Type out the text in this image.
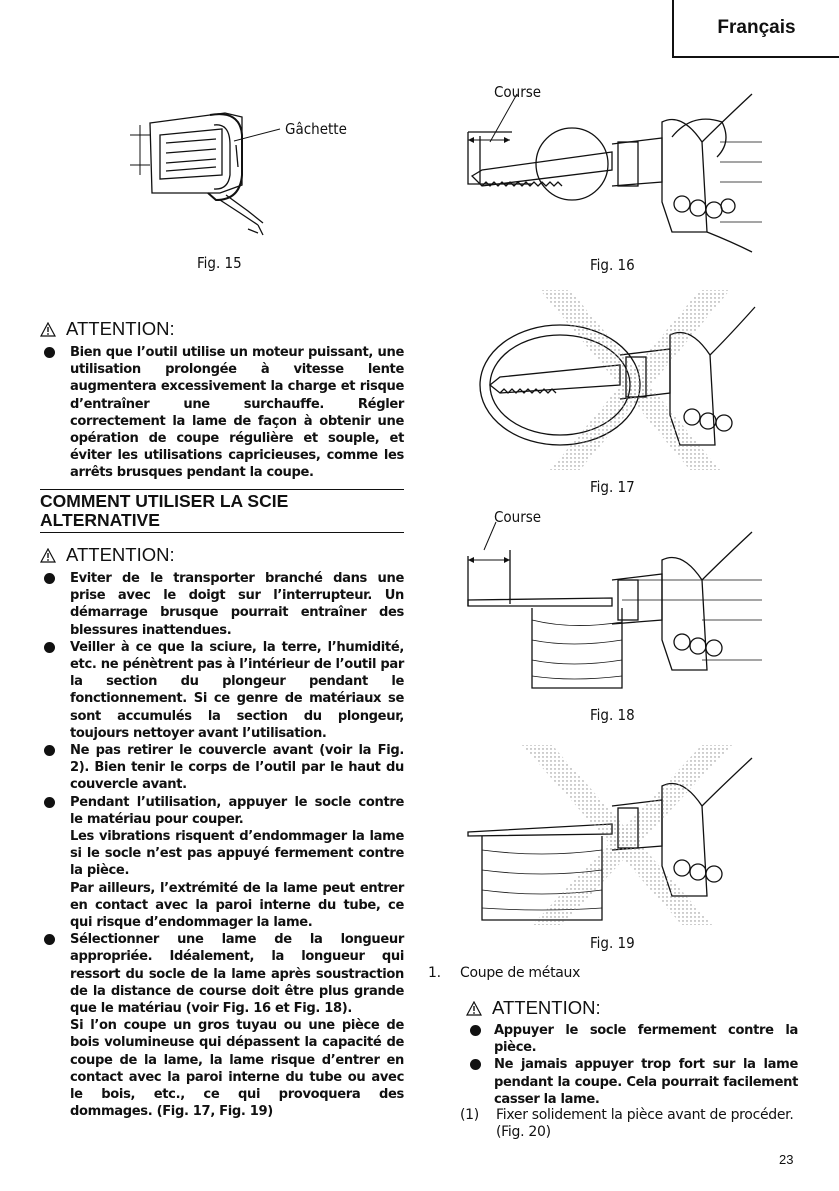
Français
Gâchette
Fig. 15
Course
Fig. 16
Fig. 17
Course
Fig. 18
Fig. 19
ATTENTION:
Bien que l’outil utilise un moteur puissant, une utilisation prolongée à vitesse lente augmentera excessivement la charge et risque d’entraîner une surchauffe. Régler correctement la lame de façon à obtenir une opération de coupe régulière et souple, et éviter les utilisations capricieuses, comme les arrêts brusques pendant la coupe.
COMMENT UTILISER LA SCIE
ALTERNATIVE
ATTENTION:
Eviter de le transporter branché dans une prise avec le doigt sur l’interrupteur. Un démarrage brusque pourrait entraîner des blessures inattendues.
Veiller à ce que la sciure, la terre, l’humidité, etc. ne pénètrent pas à l’intérieur de l’outil par la section du plongeur pendant le fonctionnement. Si ce genre de matériaux se sont accumulés la section du plongeur, toujours nettoyer avant l’utilisation.
Ne pas retirer le couvercle avant (voir la Fig. 2). Bien tenir le corps de l’outil par le haut du couvercle avant.
Pendant l’utilisation, appuyer le socle contre le matériau pour couper.
Les vibrations risquent d’endommager la lame si le socle n’est pas appuyé fermement contre la pièce.
Par ailleurs, l’extrémité de la lame peut entrer en contact avec la paroi interne du tube, ce qui risque d’endommager la lame.
Sélectionner une lame de la longueur appropriée. Idéalement, la longueur qui ressort du socle de la lame après soustraction de la distance de course doit être plus grande que le matériau (voir Fig. 16 et Fig. 18).
Si l’on coupe un gros tuyau ou une pièce de bois volumineuse qui dépassent la capacité de coupe de la lame, la lame risque d’entrer en contact avec la paroi interne du tube ou avec le bois, etc., ce qui provoquera des dommages. (Fig. 17, Fig. 19)
1. Coupe de métaux
ATTENTION:
Appuyer le socle fermement contre la pièce.
Ne jamais appuyer trop fort sur la lame pendant la coupe. Cela pourrait facilement casser la lame.
(1) Fixer solidement la pièce avant de procéder. (Fig. 20)
23
